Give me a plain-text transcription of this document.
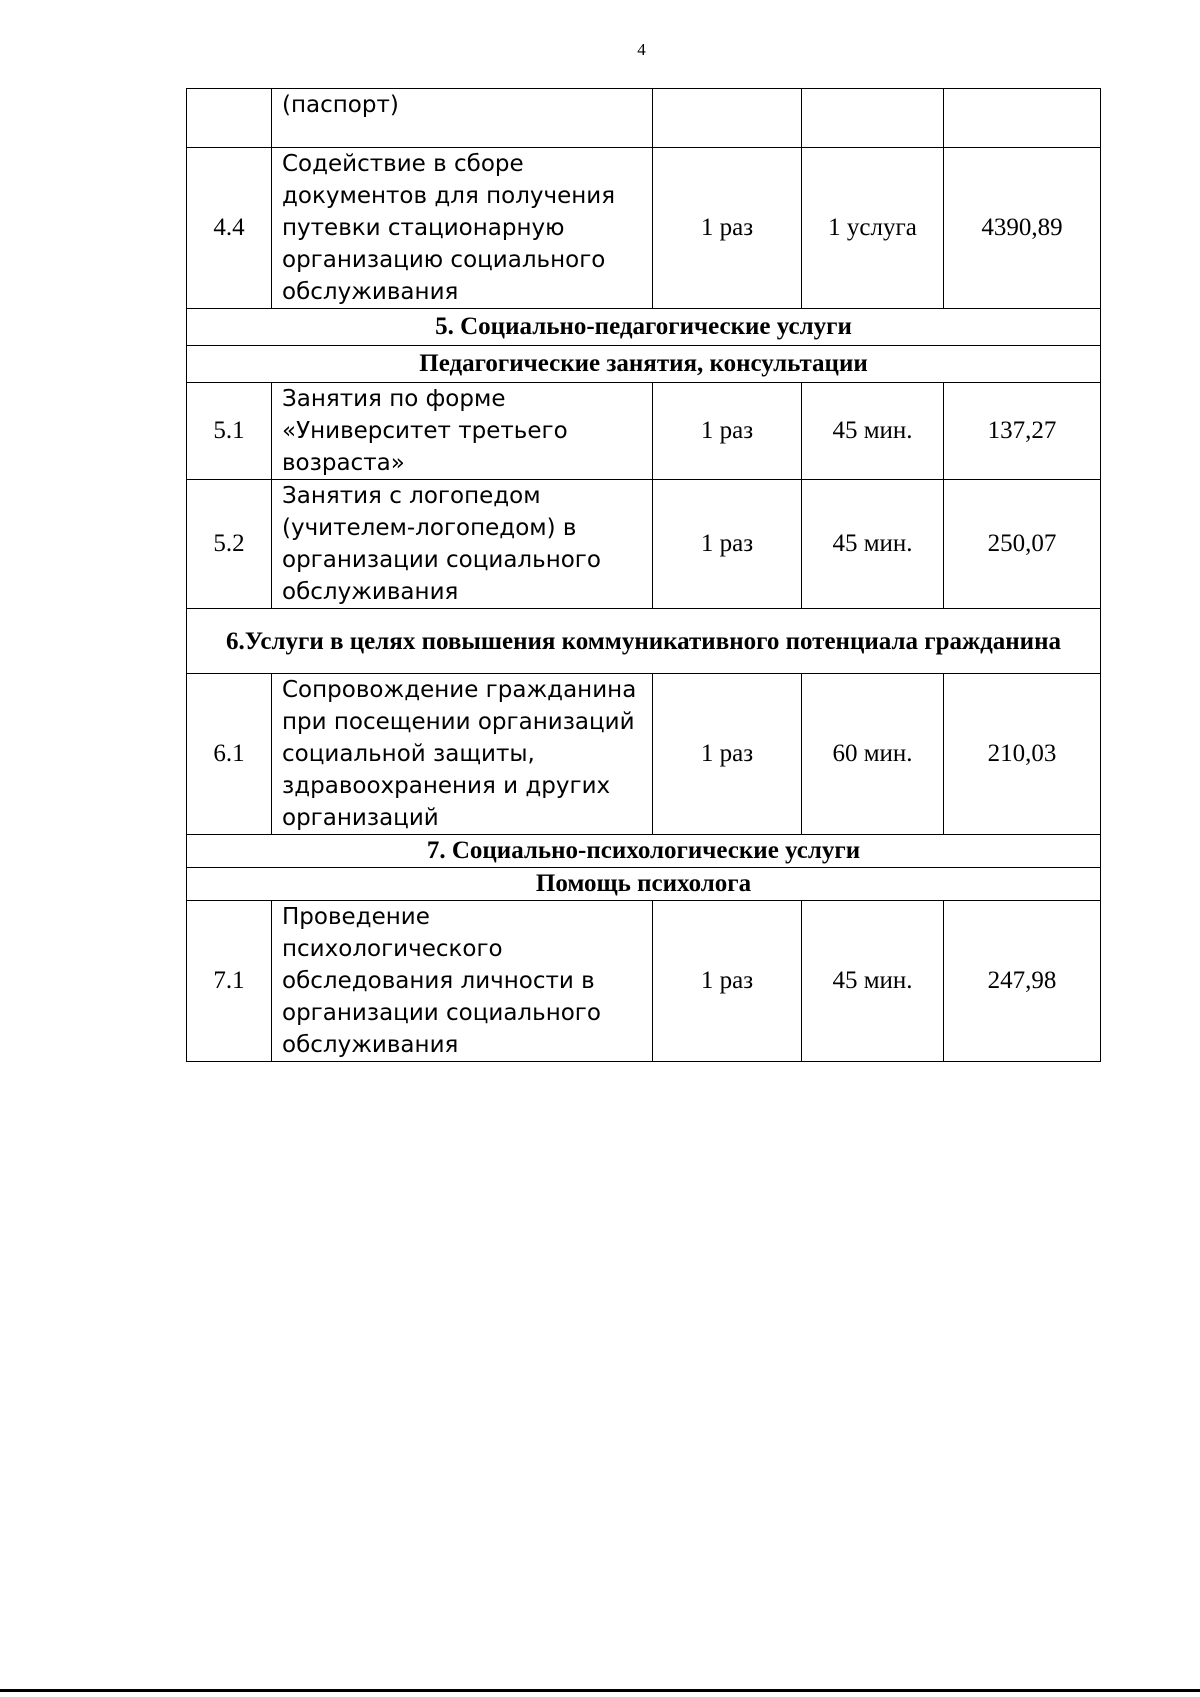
4
	(паспорт)			
4.4	Содействие в сборе документов для получения путевки стационарную организацию социального обслуживания	1 раз	1 услуга	4390,89
5. Социально-педагогические услуги				
Педагогические занятия, консультации				
5.1	Занятия по форме «Университет третьего возраста»	1 раз	45 мин.	137,27
5.2	Занятия с логопедом (учителем-логопедом) в организации социального обслуживания	1 раз	45 мин.	250,07
6.Услуги в целях повышения коммуникативного потенциала гражданина				
6.1	Сопровождение гражданина при посещении организаций социальной защиты, здравоохранения и других организаций	1 раз	60 мин.	210,03
7. Социально-психологические услуги				
Помощь психолога				
7.1	Проведение психологического обследования личности в организации социального обслуживания	1 раз	45 мин.	247,98
